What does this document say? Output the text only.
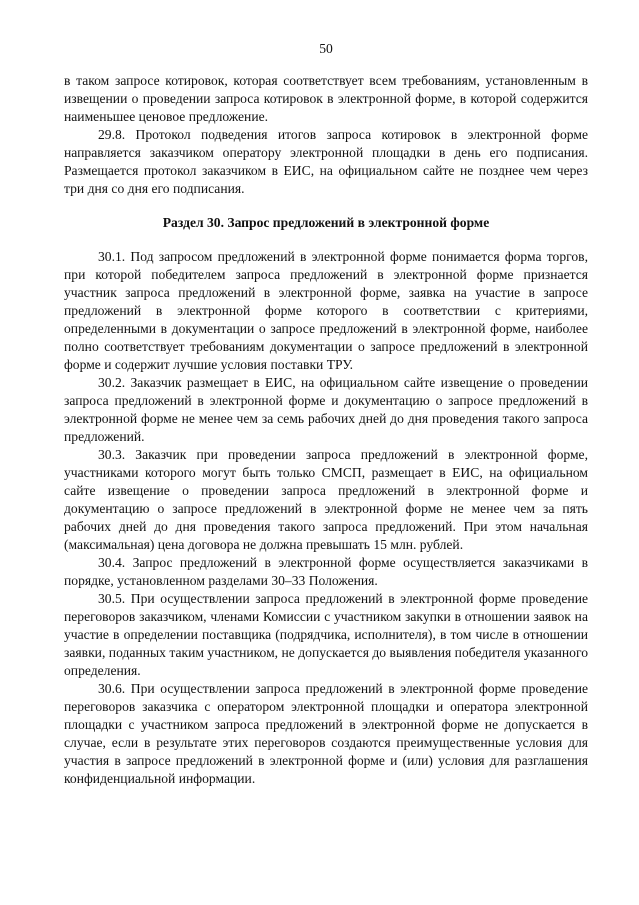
50

в таком запросе котировок, которая соответствует всем требованиям, установленным в извещении о проведении запроса котировок в электронной форме, в которой содержится наименьшее ценовое предложение.

29.8. Протокол подведения итогов запроса котировок в электронной форме направляется заказчиком оператору электронной площадки в день его подписания. Размещается протокол заказчиком в ЕИС, на официальном сайте не позднее чем через три дня со дня его подписания.

Раздел 30. Запрос предложений в электронной форме

30.1. Под запросом предложений в электронной форме понимается форма торгов, при которой победителем запроса предложений в электронной форме признается участник запроса предложений в электронной форме, заявка на участие в запросе предложений в электронной форме которого в соответствии с критериями, определенными в документации о запросе предложений в электронной форме, наиболее полно соответствует требованиям документации о запросе предложений в электронной форме и содержит лучшие условия поставки ТРУ.

30.2. Заказчик размещает в ЕИС, на официальном сайте извещение о проведении запроса предложений в электронной форме и документацию о запросе предложений в электронной форме не менее чем за семь рабочих дней до дня проведения такого запроса предложений.

30.3. Заказчик при проведении запроса предложений в электронной форме, участниками которого могут быть только СМСП, размещает в ЕИС, на официальном сайте извещение о проведении запроса предложений в электронной форме и документацию о запросе предложений в электронной форме не менее чем за пять рабочих дней до дня проведения такого запроса предложений. При этом начальная (максимальная) цена договора не должна превышать 15 млн. рублей.

30.4. Запрос предложений в электронной форме осуществляется заказчиками в порядке, установленном разделами 30–33 Положения.

30.5. При осуществлении запроса предложений в электронной форме проведение переговоров заказчиком, членами Комиссии с участником закупки в отношении заявок на участие в определении поставщика (подрядчика, исполнителя), в том числе в отношении заявки, поданных таким участником, не допускается до выявления победителя указанного определения.

30.6. При осуществлении запроса предложений в электронной форме проведение переговоров заказчика с оператором электронной площадки и оператора электронной площадки с участником запроса предложений в электронной форме не допускается в случае, если в результате этих переговоров создаются преимущественные условия для участия в запросе предложений в электронной форме и (или) условия для разглашения конфиденциальной информации.
